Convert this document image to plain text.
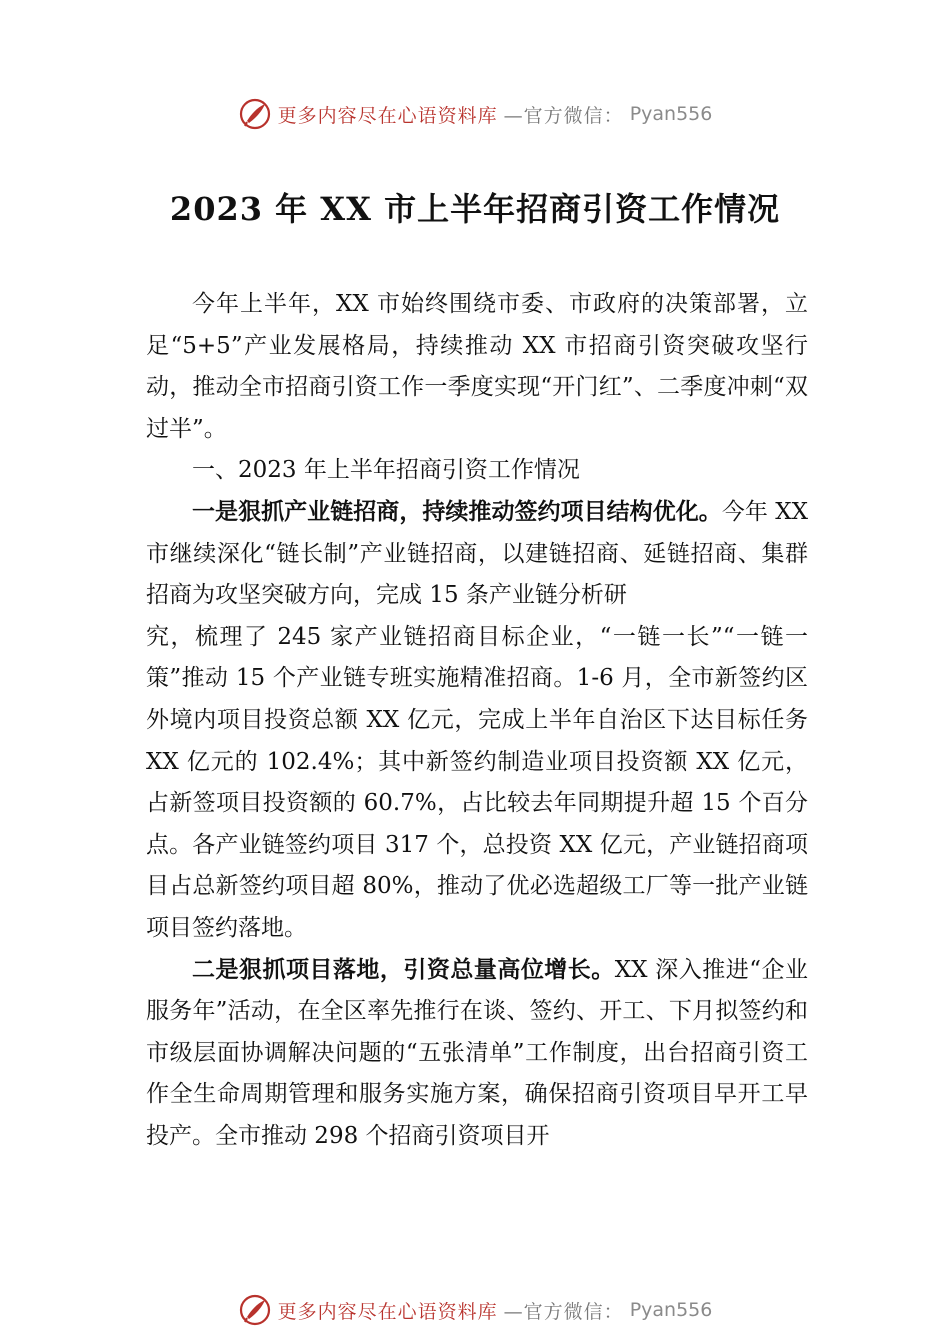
更多内容尽在心语资料库 —官方微信： Pyan556
2023 年 XX 市上半年招商引资工作情况

今年上半年，XX 市始终围绕市委、市政府的决策部署，立足“5+5”产业发展格局，持续推动 XX 市招商引资突破攻坚行动，推动全市招商引资工作一季度实现“开门红”、二季度冲刺“双过半”。

一、2023 年上半年招商引资工作情况

一是狠抓产业链招商，持续推动签约项目结构优化。今年 XX 市继续深化“链长制”产业链招商，以建链招商、延链招商、集群招商为攻坚突破方向，完成 15 条产业链分析研

究，梳理了 245 家产业链招商目标企业，“一链一长”“一链一策”推动 15 个产业链专班实施精准招商。1-6 月，全市新签约区外境内项目投资总额 XX 亿元，完成上半年自治区下达目标任务 XX 亿元的 102.4%；其中新签约制造业项目投资额 XX 亿元，占新签项目投资额的 60.7%，占比较去年同期提升超 15 个百分点。各产业链签约项目 317 个，总投资 XX 亿元，产业链招商项目占总新签约项目超 80%，推动了优必选超级工厂等一批产业链项目签约落地。

二是狠抓项目落地，引资总量高位增长。XX 深入推进“企业服务年”活动，在全区率先推行在谈、签约、开工、下月拟签约和市级层面协调解决问题的“五张清单”工作制度，出台招商引资工作全生命周期管理和服务实施方案，确保招商引资项目早开工早投产。全市推动 298 个招商引资项目开

更多内容尽在心语资料库 —官方微信： Pyan556
